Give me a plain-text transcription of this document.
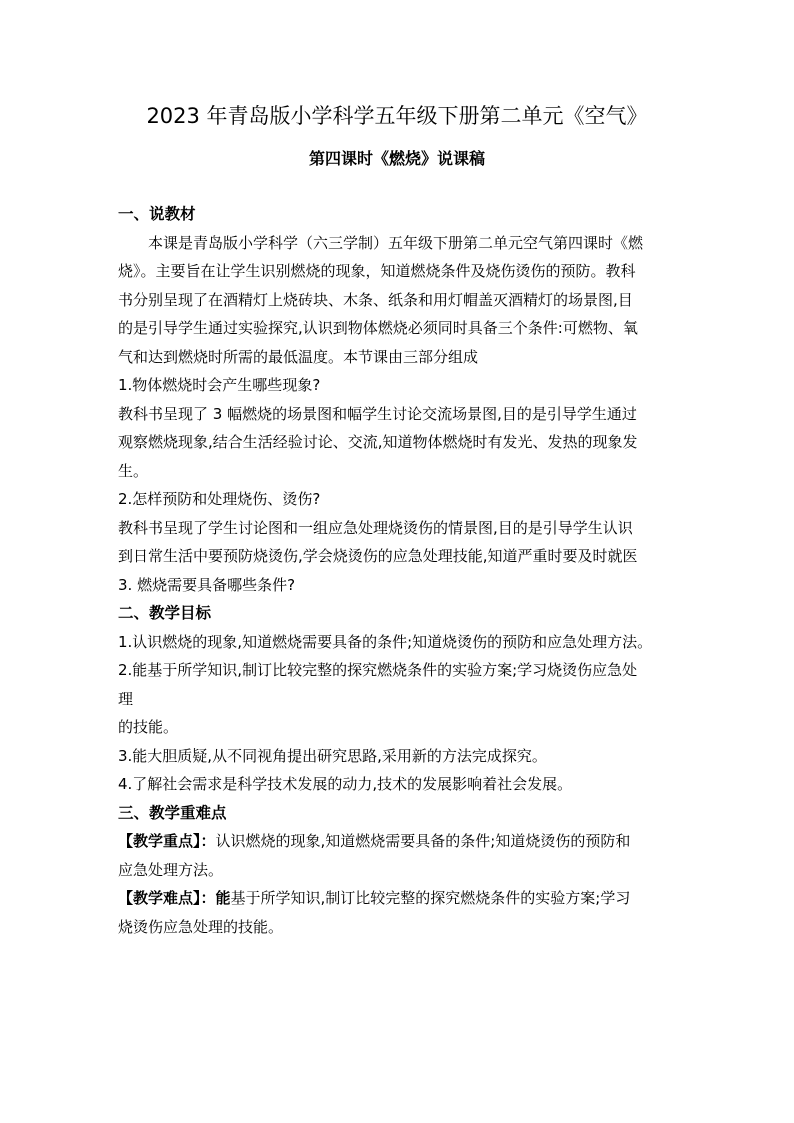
2023 年青岛版小学科学五年级下册第二单元《空气》
第四课时《燃烧》说课稿

一、说教材

本课是青岛版小学科学（六三学制）五年级下册第二单元空气第四课时《燃

烧》。主要旨在让学生识别燃烧的现象，知道燃烧条件及烧伤烫伤的预防。教科

书分别呈现了在酒精灯上烧砖块、木条、纸条和用灯帽盖灭酒精灯的场景图,目

的是引导学生通过实验探究,认识到物体燃烧必须同时具备三个条件:可燃物、氧

气和达到燃烧时所需的最低温度。本节课由三部分组成

1.物体燃烧时会产生哪些现象?

教科书呈现了 3 幅燃烧的场景图和幅学生讨论交流场景图,目的是引导学生通过

观察燃烧现象,结合生活经验讨论、交流,知道物体燃烧时有发光、发热的现象发

生。

2.怎样预防和处理烧伤、烫伤?

教科书呈现了学生讨论图和一组应急处理烧烫伤的情景图,目的是引导学生认识

到日常生活中要预防烧烫伤,学会烧烫伤的应急处理技能,知道严重时要及时就医

3. 燃烧需要具备哪些条件?

二、教学目标

1.认识燃烧的现象,知道燃烧需要具备的条件;知道烧烫伤的预防和应急处理方法。

2.能基于所学知识,制订比较完整的探究燃烧条件的实验方案;学习烧烫伤应急处

理

的技能。

3.能大胆质疑,从不同视角提出研究思路,采用新的方法完成探究。

4.了解社会需求是科学技术发展的动力,技术的发展影响着社会发展。

三、教学重难点

【教学重点】：认识燃烧的现象,知道燃烧需要具备的条件;知道烧烫伤的预防和

应急处理方法。

【教学难点】：能基于所学知识,制订比较完整的探究燃烧条件的实验方案;学习

烧烫伤应急处理的技能。
